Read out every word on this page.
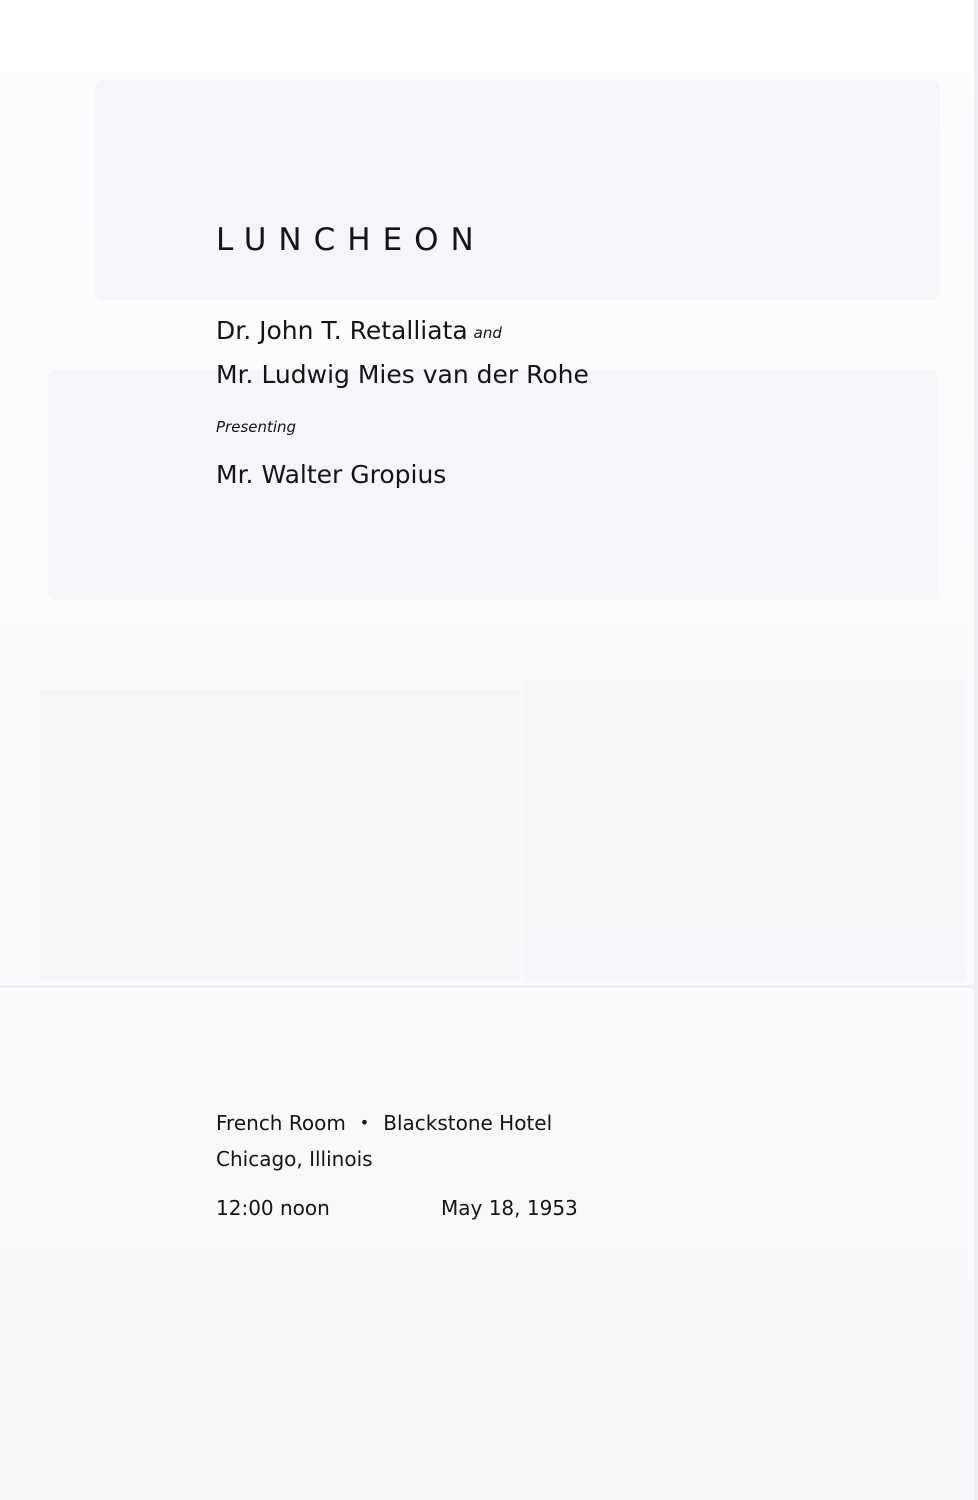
LUNCHEON
Dr. John T. Retalliata and
Mr. Ludwig Mies van der Rohe
Presenting
Mr. Walter Gropius
French Room • Blackstone Hotel
Chicago, Illinois
12:00 noon	May 18, 1953
